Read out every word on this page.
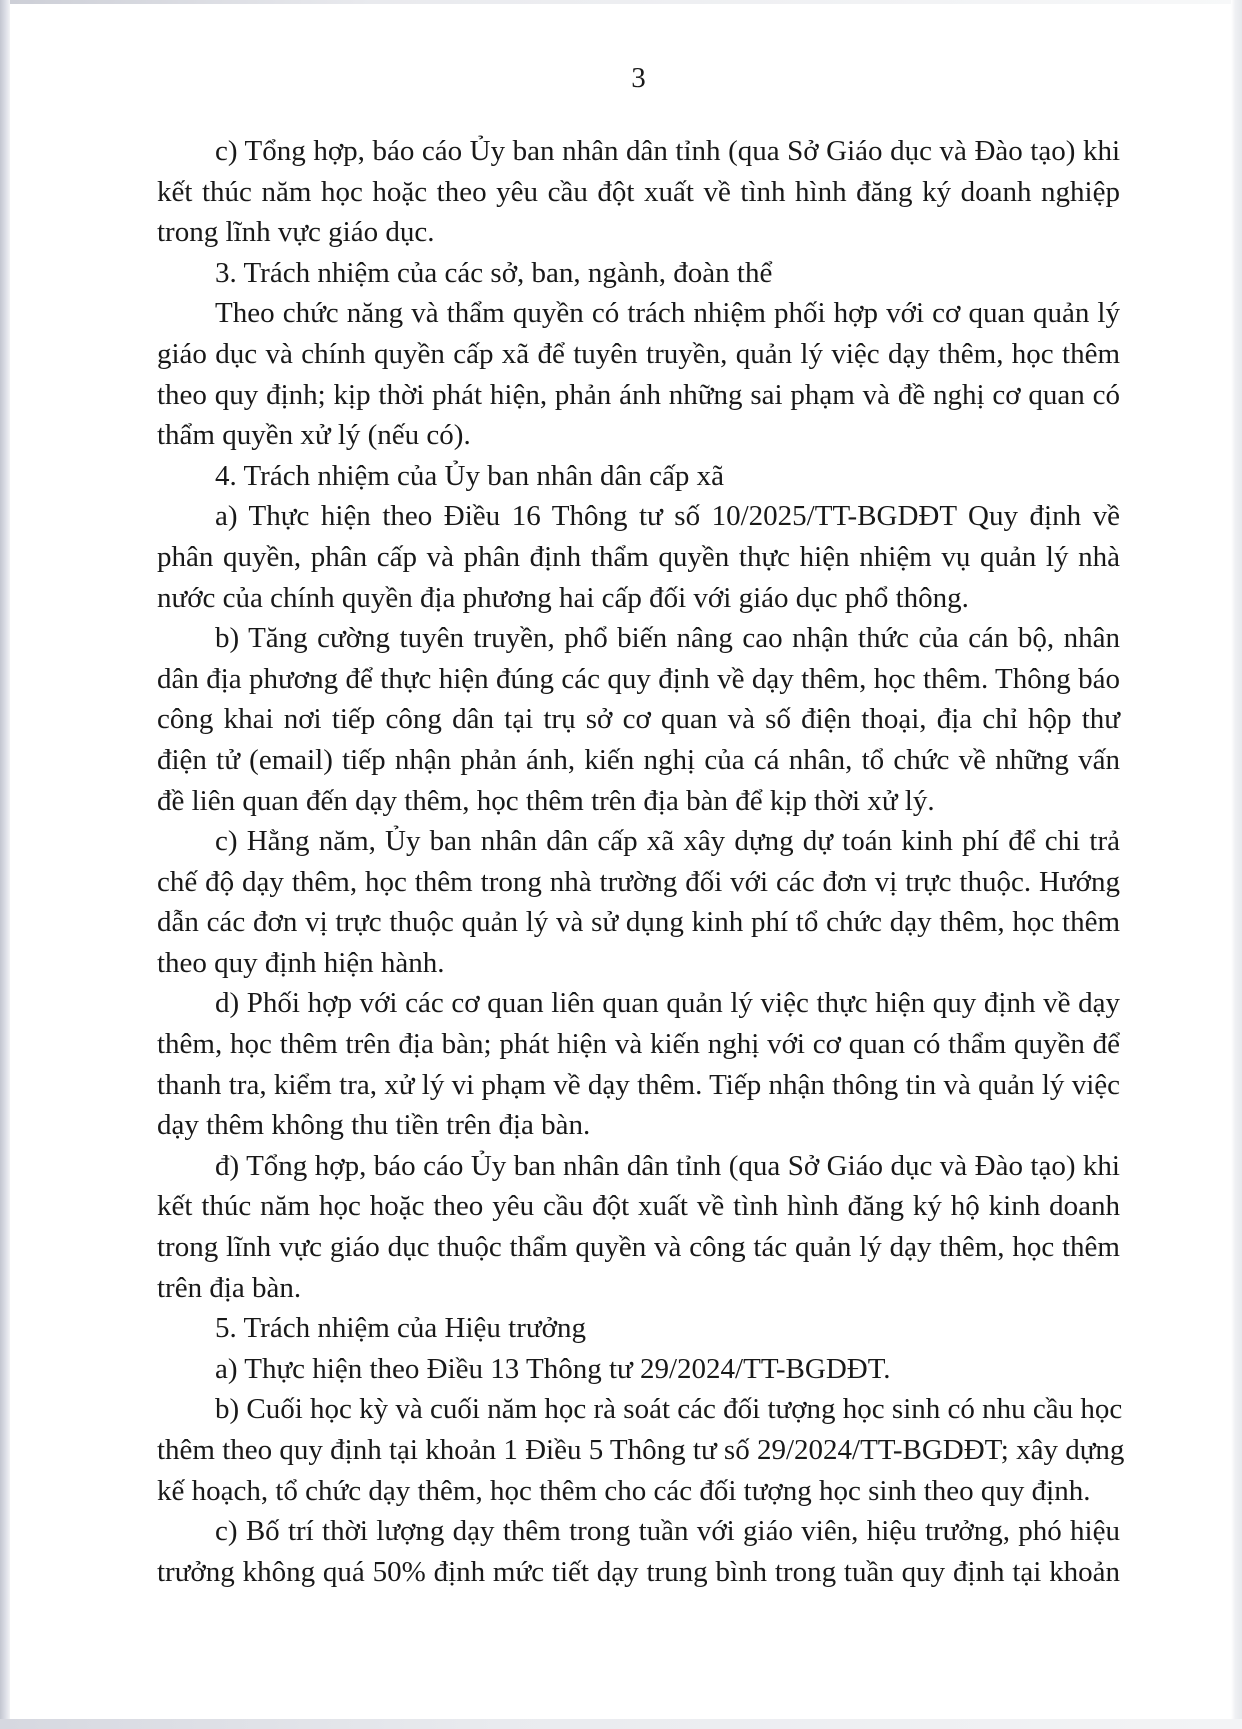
3
c) Tổng hợp, báo cáo Ủy ban nhân dân tỉnh (qua Sở Giáo dục và Đào tạo) khi
kết thúc năm học hoặc theo yêu cầu đột xuất về tình hình đăng ký doanh nghiệp
trong lĩnh vực giáo dục.
3. Trách nhiệm của các sở, ban, ngành, đoàn thể
Theo chức năng và thẩm quyền có trách nhiệm phối hợp với cơ quan quản lý
giáo dục và chính quyền cấp xã để tuyên truyền, quản lý việc dạy thêm, học thêm
theo quy định; kịp thời phát hiện, phản ánh những sai phạm và đề nghị cơ quan có
thẩm quyền xử lý (nếu có).
4. Trách nhiệm của Ủy ban nhân dân cấp xã
a) Thực hiện theo Điều 16 Thông tư số 10/2025/TT-BGDĐT Quy định về
phân quyền, phân cấp và phân định thẩm quyền thực hiện nhiệm vụ quản lý nhà
nước của chính quyền địa phương hai cấp đối với giáo dục phổ thông.
b) Tăng cường tuyên truyền, phổ biến nâng cao nhận thức của cán bộ, nhân
dân địa phương để thực hiện đúng các quy định về dạy thêm, học thêm. Thông báo
công khai nơi tiếp công dân tại trụ sở cơ quan và số điện thoại, địa chỉ hộp thư
điện tử (email) tiếp nhận phản ánh, kiến nghị của cá nhân, tổ chức về những vấn
đề liên quan đến dạy thêm, học thêm trên địa bàn để kịp thời xử lý.
c) Hằng năm, Ủy ban nhân dân cấp xã xây dựng dự toán kinh phí để chi trả
chế độ dạy thêm, học thêm trong nhà trường đối với các đơn vị trực thuộc. Hướng
dẫn các đơn vị trực thuộc quản lý và sử dụng kinh phí tổ chức dạy thêm, học thêm
theo quy định hiện hành.
d) Phối hợp với các cơ quan liên quan quản lý việc thực hiện quy định về dạy
thêm, học thêm trên địa bàn; phát hiện và kiến nghị với cơ quan có thẩm quyền để
thanh tra, kiểm tra, xử lý vi phạm về dạy thêm. Tiếp nhận thông tin và quản lý việc
dạy thêm không thu tiền trên địa bàn.
đ) Tổng hợp, báo cáo Ủy ban nhân dân tỉnh (qua Sở Giáo dục và Đào tạo) khi
kết thúc năm học hoặc theo yêu cầu đột xuất về tình hình đăng ký hộ kinh doanh
trong lĩnh vực giáo dục thuộc thẩm quyền và công tác quản lý dạy thêm, học thêm
trên địa bàn.
5. Trách nhiệm của Hiệu trưởng
a) Thực hiện theo Điều 13 Thông tư 29/2024/TT-BGDĐT.
b) Cuối học kỳ và cuối năm học rà soát các đối tượng học sinh có nhu cầu học
thêm theo quy định tại khoản 1 Điều 5 Thông tư số 29/2024/TT-BGDĐT; xây dựng
kế hoạch, tổ chức dạy thêm, học thêm cho các đối tượng học sinh theo quy định.
c) Bố trí thời lượng dạy thêm trong tuần với giáo viên, hiệu trưởng, phó hiệu
trưởng không quá 50% định mức tiết dạy trung bình trong tuần quy định tại khoản
